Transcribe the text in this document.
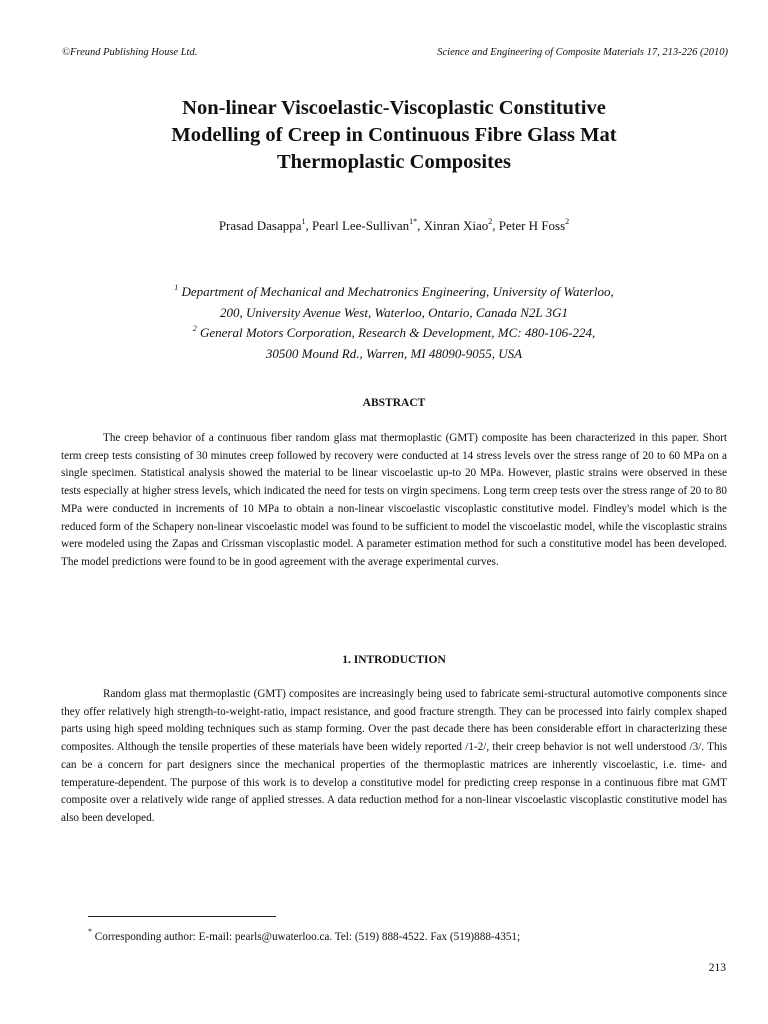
©Freund Publishing House Ltd.	Science and Engineering of Composite Materials 17, 213-226 (2010)
Non-linear Viscoelastic-Viscoplastic Constitutive
Modelling of Creep in Continuous Fibre Glass Mat
Thermoplastic Composites
Prasad Dasappa$^1$, Pearl Lee-Sullivan$^{1*}$, Xinran Xiao$^2$, Peter H Foss$^2$
$^1$ Department of Mechanical and Mechatronics Engineering, University of Waterloo,
200, University Avenue West, Waterloo, Ontario, Canada N2L 3G1
$^2$ General Motors Corporation, Research & Development, MC: 480-106-224,
30500 Mound Rd., Warren, MI 48090-9055, USA
ABSTRACT

The creep behavior of a continuous fiber random glass mat thermoplastic (GMT) composite has been characterized in this paper. Short term creep tests consisting of 30 minutes creep followed by recovery were conducted at 14 stress levels over the stress range of 20 to 60 MPa on a single specimen. Statistical analysis showed the material to be linear viscoelastic up-to 20 MPa. However, plastic strains were observed in these tests especially at higher stress levels, which indicated the need for tests on virgin specimens. Long term creep tests over the stress range of 20 to 80 MPa were conducted in increments of 10 MPa to obtain a non-linear viscoelastic viscoplastic constitutive model. Findley's model which is the reduced form of the Schapery non-linear viscoelastic model was found to be sufficient to model the viscoelastic model, while the viscoplastic strains were modeled using the Zapas and Crissman viscoplastic model. A parameter estimation method for such a constitutive model has been developed. The model predictions were found to be in good agreement with the average experimental curves.

1. INTRODUCTION

Random glass mat thermoplastic (GMT) composites are increasingly being used to fabricate semi-structural automotive components since they offer relatively high strength-to-weight-ratio, impact resistance, and good fracture strength. They can be processed into fairly complex shaped parts using high speed molding techniques such as stamp forming. Over the past decade there has been considerable effort in characterizing these composites. Although the tensile properties of these materials have been widely reported /1-2/, their creep behavior is not well understood /3/. This can be a concern for part designers since the mechanical properties of the thermoplastic matrices are inherently viscoelastic, i.e. time- and temperature-dependent. The purpose of this work is to develop a constitutive model for predicting creep response in a continuous fibre mat GMT composite over a relatively wide range of applied stresses. A data reduction method for a non-linear viscoelastic viscoplastic constitutive model has also been developed.

* Corresponding author: E-mail: pearls@uwaterloo.ca. Tel: (519) 888-4522. Fax (519)888-4351;
213
